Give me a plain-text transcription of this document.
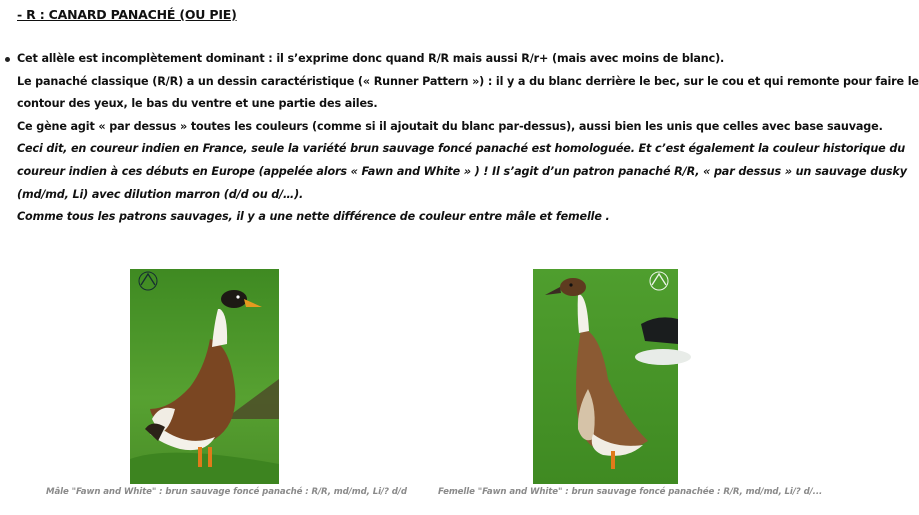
- R : CANARD PANACHÉ (OU PIE)
Cet allèle est incomplètement dominant : il s’exprime donc quand R/R mais aussi R/r+ (mais avec moins de blanc).
Le panaché classique (R/R) a un dessin caractéristique (« Runner Pattern ») : il y a du blanc derrière le bec, sur le cou et qui remonte pour faire le
contour des yeux, le bas du ventre et une partie des ailes.
Ce gène agit « par dessus » toutes les couleurs (comme si il ajoutait du blanc par-dessus), aussi bien les unis que celles avec base sauvage.
Ceci dit, en coureur indien en France, seule la variété brun sauvage foncé panaché est homologuée. Et c’est également la couleur historique du
coureur indien à ces débuts en Europe (appelée alors « Fawn and White » ) ! Il s’agit d’un patron panaché R/R, « par dessus » un sauvage dusky
(md/md, Li) avec dilution marron (d/d ou d/…).
Comme tous les patrons sauvages, il y a une nette différence de couleur entre mâle et femelle .
Mâle "Fawn and White" : brun sauvage foncé panaché : R/R, md/md, Li/? d/d	Femelle "Fawn and White" : brun sauvage foncé panachée : R/R, md/md, Li/? d/...
